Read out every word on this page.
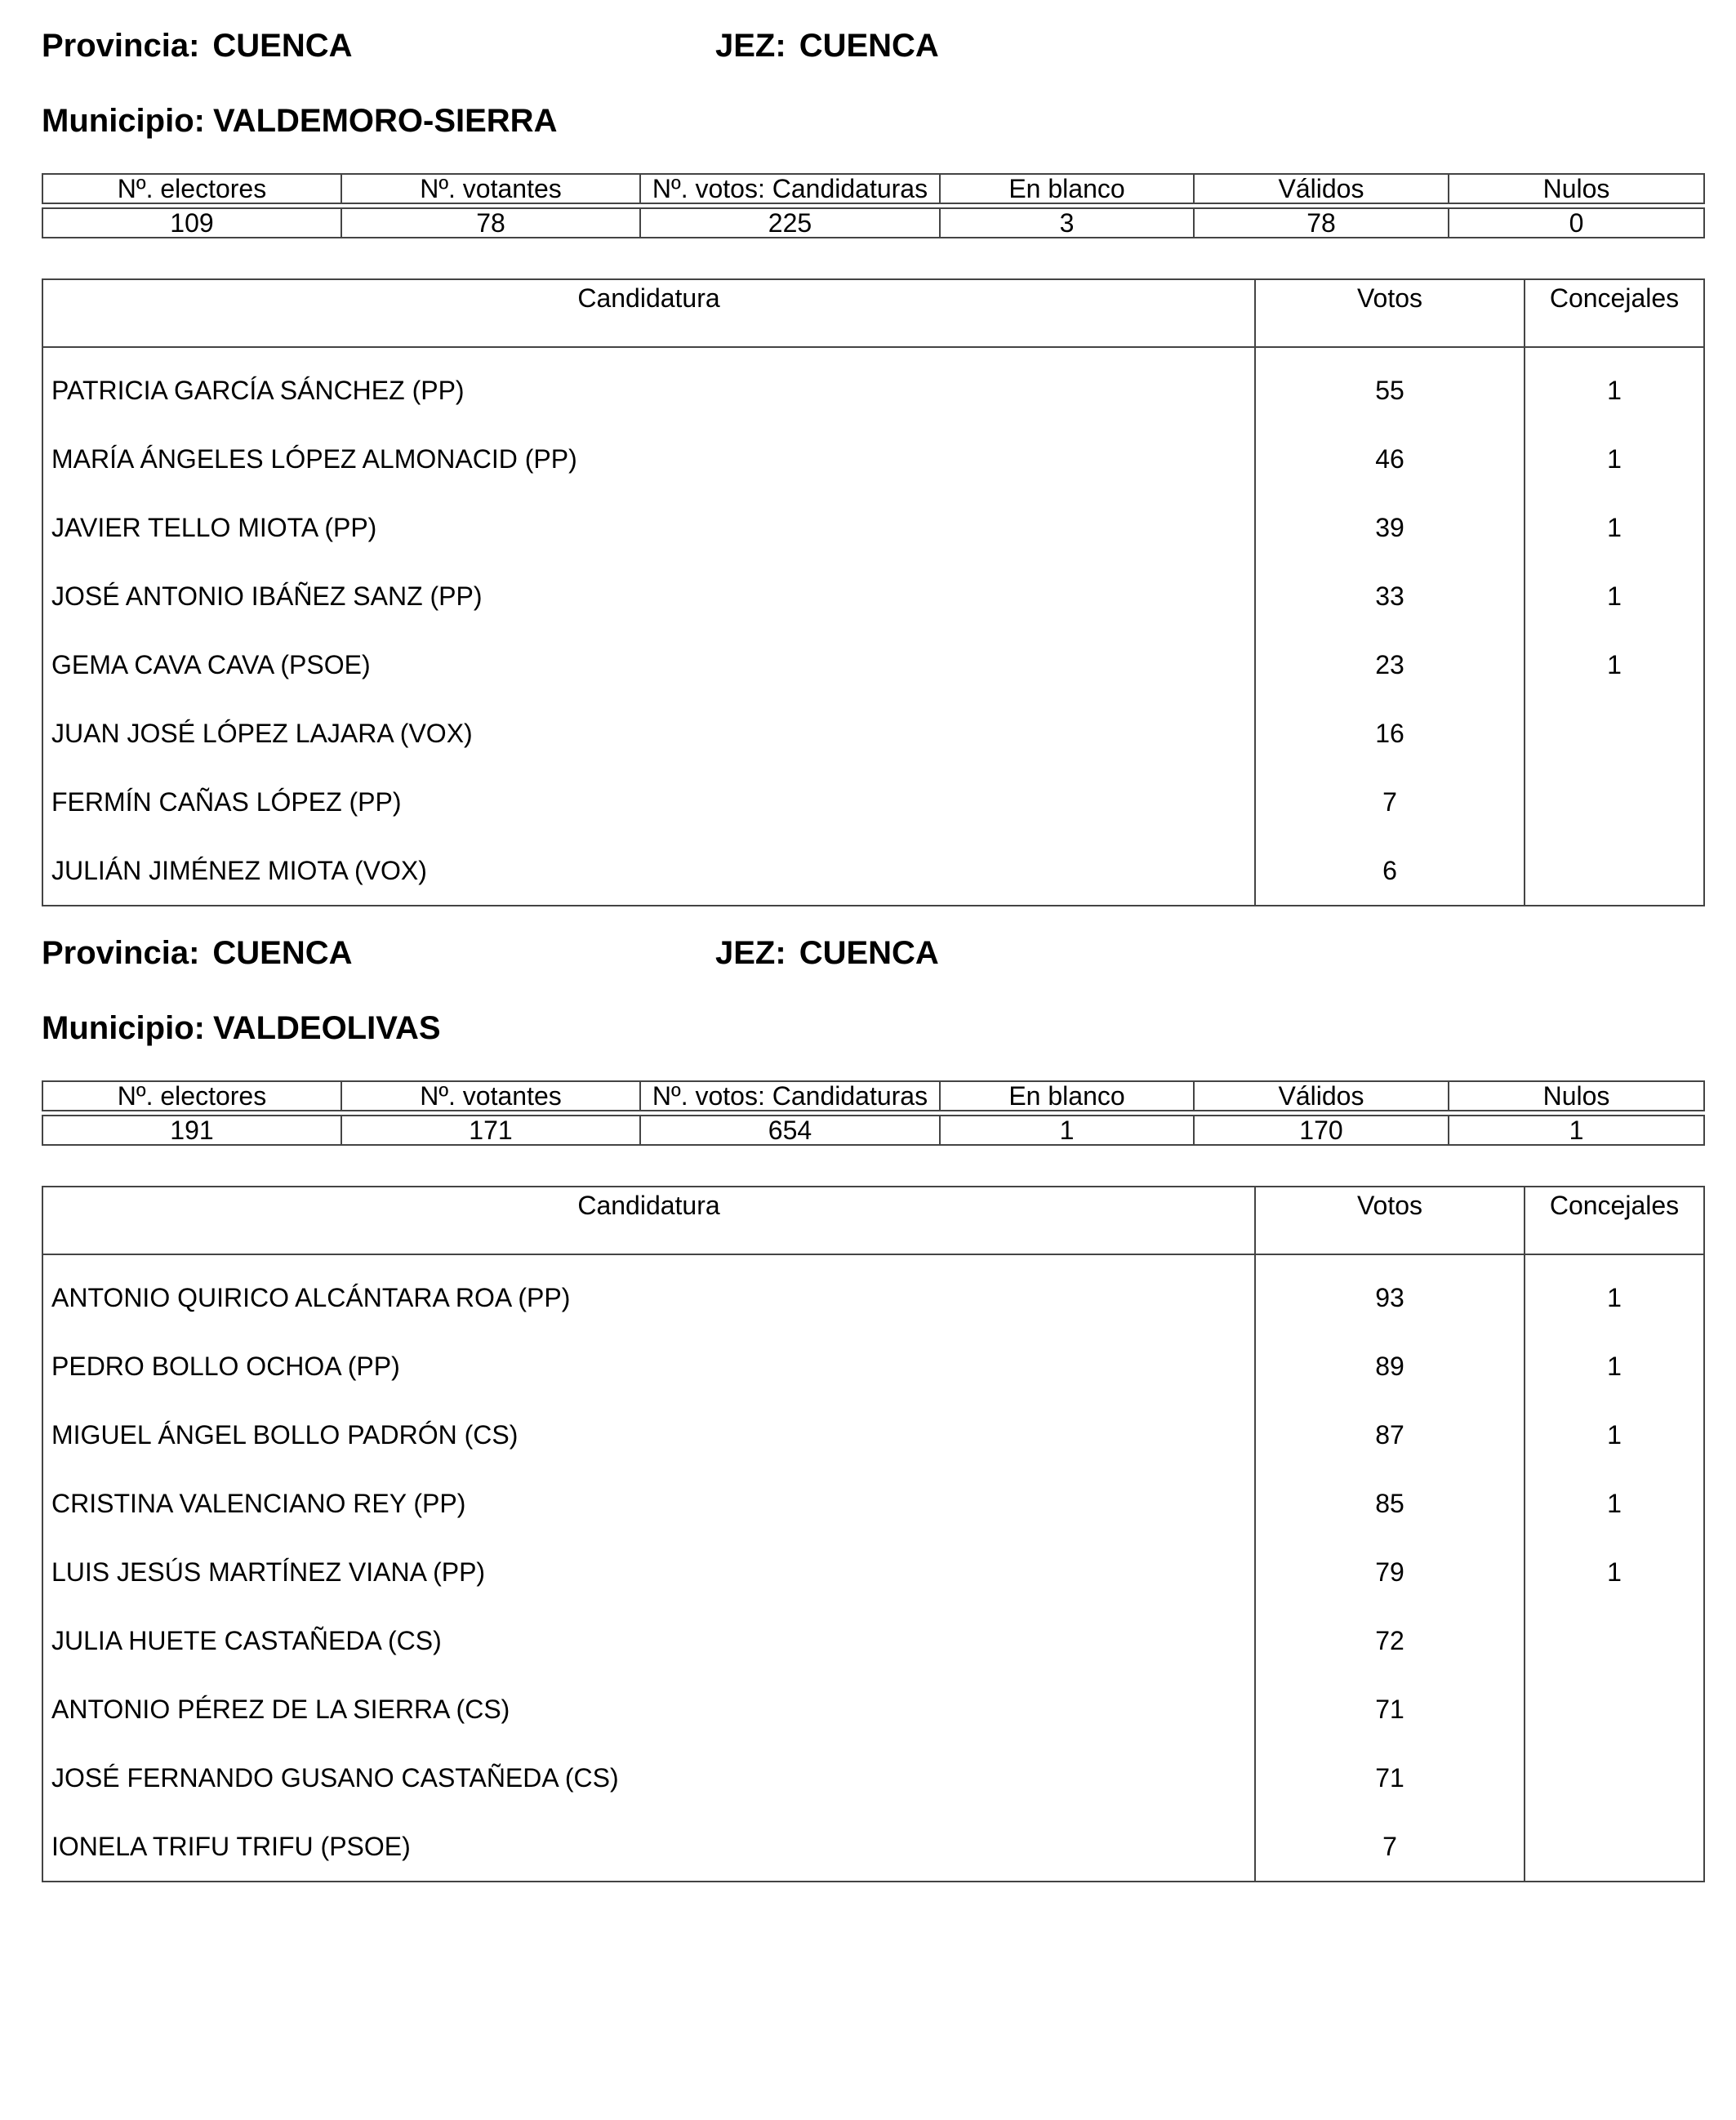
Provincia: CUENCA	JEZ: CUENCA
Municipio: VALDEMORO-SIERRA
Nº. electores	Nº. votantes	Nº. votos: Candidaturas	En blanco	Válidos	Nulos

109	78	225	3	78	0
Candidatura	Votos	Concejales
PATRICIA GARCÍA SÁNCHEZ (PP)	55	1
MARÍA ÁNGELES LÓPEZ ALMONACID (PP)	46	1
JAVIER TELLO MIOTA (PP)	39	1
JOSÉ ANTONIO IBÁÑEZ SANZ (PP)	33	1
GEMA CAVA CAVA (PSOE)	23	1
JUAN JOSÉ LÓPEZ LAJARA (VOX)	16	
FERMÍN CAÑAS LÓPEZ (PP)	7	
JULIÁN JIMÉNEZ MIOTA (VOX)	6	
Provincia: CUENCA	JEZ: CUENCA
Municipio: VALDEOLIVAS
Nº. electores	Nº. votantes	Nº. votos: Candidaturas	En blanco	Válidos	Nulos

191	171	654	1	170	1
Candidatura	Votos	Concejales
ANTONIO QUIRICO ALCÁNTARA ROA (PP)	93	1
PEDRO BOLLO OCHOA (PP)	89	1
MIGUEL ÁNGEL BOLLO PADRÓN (CS)	87	1
CRISTINA VALENCIANO REY (PP)	85	1
LUIS JESÚS MARTÍNEZ VIANA (PP)	79	1
JULIA HUETE CASTAÑEDA (CS)	72	
ANTONIO PÉREZ DE LA SIERRA (CS)	71	
JOSÉ FERNANDO GUSANO CASTAÑEDA (CS)	71	
IONELA TRIFU TRIFU (PSOE)	7	
